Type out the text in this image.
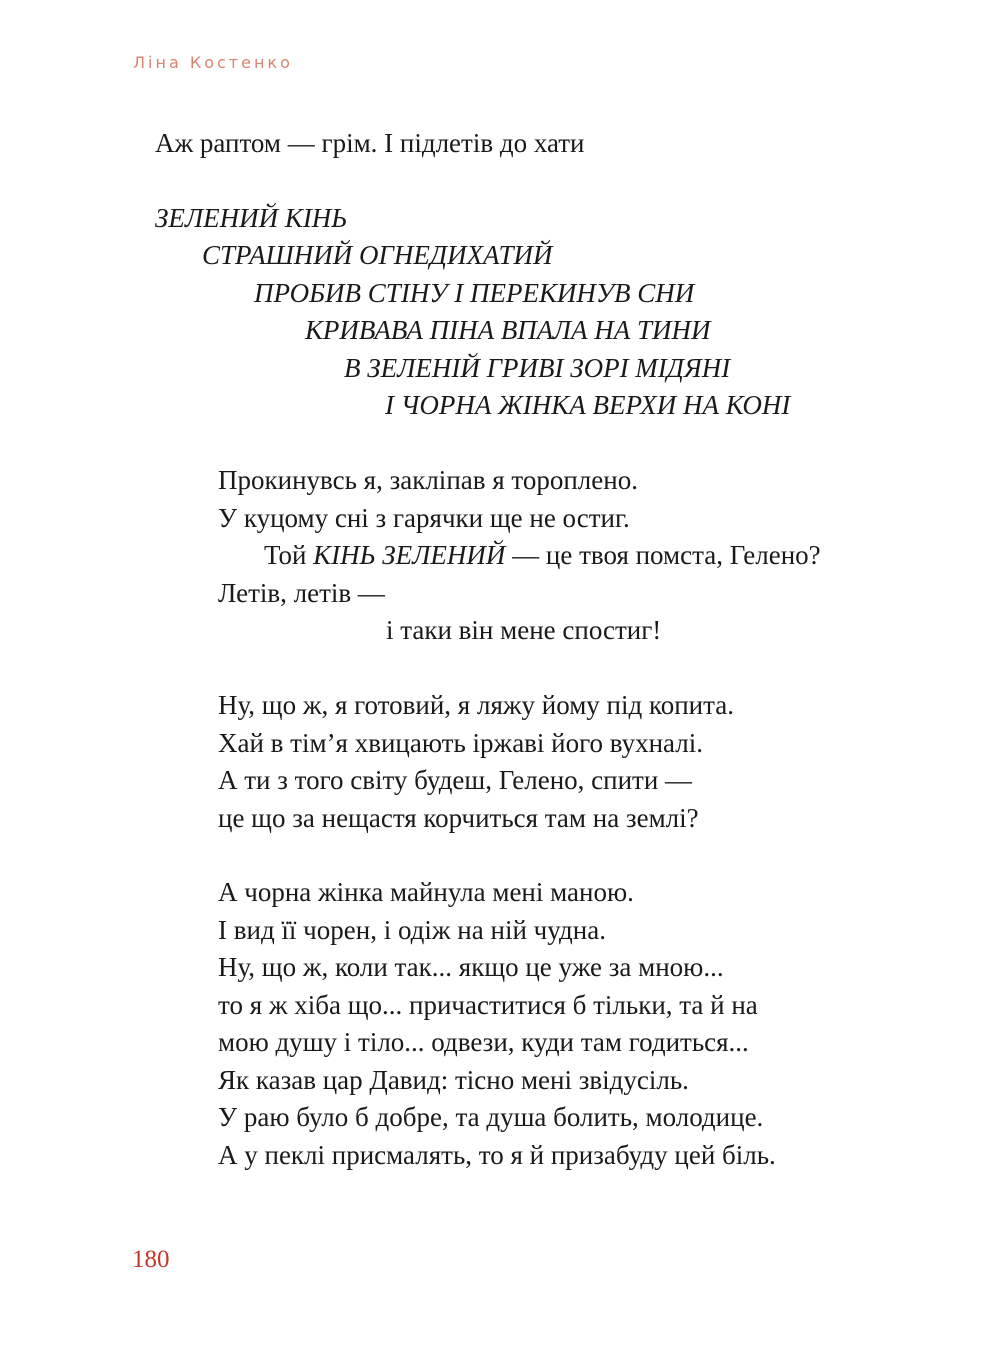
Ліна Костенко
Аж раптом — грім. І підлетів до хати
ЗЕЛЕНИЙ КІНЬ
СТРАШНИЙ ОГНЕДИХАТИЙ
ПРОБИВ СТІНУ І ПЕРЕКИНУВ СНИ
КРИВАВА ПІНА ВПАЛА НА ТИНИ
В ЗЕЛЕНІЙ ГРИВІ ЗОРІ МІДЯНІ
І ЧОРНА ЖІНКА ВЕРХИ НА КОНІ
Прокинувсь я, закліпав я тороплено.
У куцому сні з гарячки ще не остиг.
Той КІНЬ ЗЕЛЕНИЙ — це твоя помста, Гелено?
Летів, летів —
і таки він мене спостиг!
Ну, що ж, я готовий, я ляжу йому під копита.
Хай в тім’я хвицають іржаві його вухналі.
А ти з того світу будеш, Гелено, спити —
це що за нещастя корчиться там на землі?
А чорна жінка майнула мені маною.
І вид її чорен, і одіж на ній чудна.
Ну, що ж, коли так... якщо це уже за мною...
то я ж хіба що... причаститися б тільки, та й на
мою душу і тіло... одвези, куди там годиться...
Як казав цар Давид: тісно мені звідусіль.
У раю було б добре, та душа болить, молодице.
А у пеклі присмалять, то я й призабуду цей біль.
180
